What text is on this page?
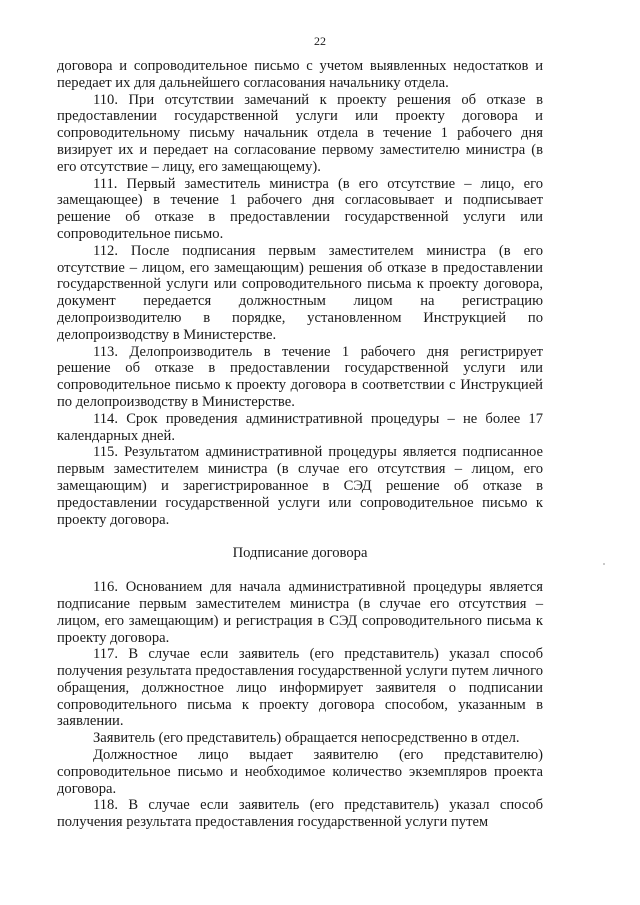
22

договора и сопроводительное письмо с учетом выявленных недостатков и передает их для дальнейшего согласования начальнику отдела.

110. При отсутствии замечаний к проекту решения об отказе в предоставлении государственной услуги или проекту договора и сопроводительному письму начальник отдела в течение 1 рабочего дня визирует их и передает на согласование первому заместителю министра (в его отсутствие – лицу, его замещающему).

111. Первый заместитель министра (в его отсутствие – лицо, его замещающее) в течение 1 рабочего дня согласовывает и подписывает решение об отказе в предоставлении государственной услуги или сопроводительное письмо.

112. После подписания первым заместителем министра (в его отсутствие – лицом, его замещающим) решения об отказе в предоставлении государственной услуги или сопроводительного письма к проекту договора, документ передается должностным лицом на регистрацию делопроизводителю в порядке, установленном Инструкцией по делопроизводству в Министерстве.

113. Делопроизводитель в течение 1 рабочего дня регистрирует решение об отказе в предоставлении государственной услуги или сопроводительное письмо к проекту договора в соответствии с Инструкцией по делопроизводству в Министерстве.

114. Срок проведения административной процедуры – не более 17 календарных дней.

115. Результатом административной процедуры является подписанное первым заместителем министра (в случае его отсутствия – лицом, его замещающим) и зарегистрированное в СЭД решение об отказе в предоставлении государственной услуги или сопроводительное письмо к проекту договора.

Подписание договора

116. Основанием для начала административной процедуры является подписание первым заместителем министра (в случае его отсутствия – лицом, его замещающим) и регистрация в СЭД сопроводительного письма к проекту договора.

117. В случае если заявитель (его представитель) указал способ получения результата предоставления государственной услуги путем личного обращения, должностное лицо информирует заявителя о подписании сопроводительного письма к проекту договора способом, указанным в заявлении.

Заявитель (его представитель) обращается непосредственно в отдел.

Должностное лицо выдает заявителю (его представителю) сопроводительное письмо и необходимое количество экземпляров проекта договора.

118. В случае если заявитель (его представитель) указал способ получения результата предоставления государственной услуги путем
